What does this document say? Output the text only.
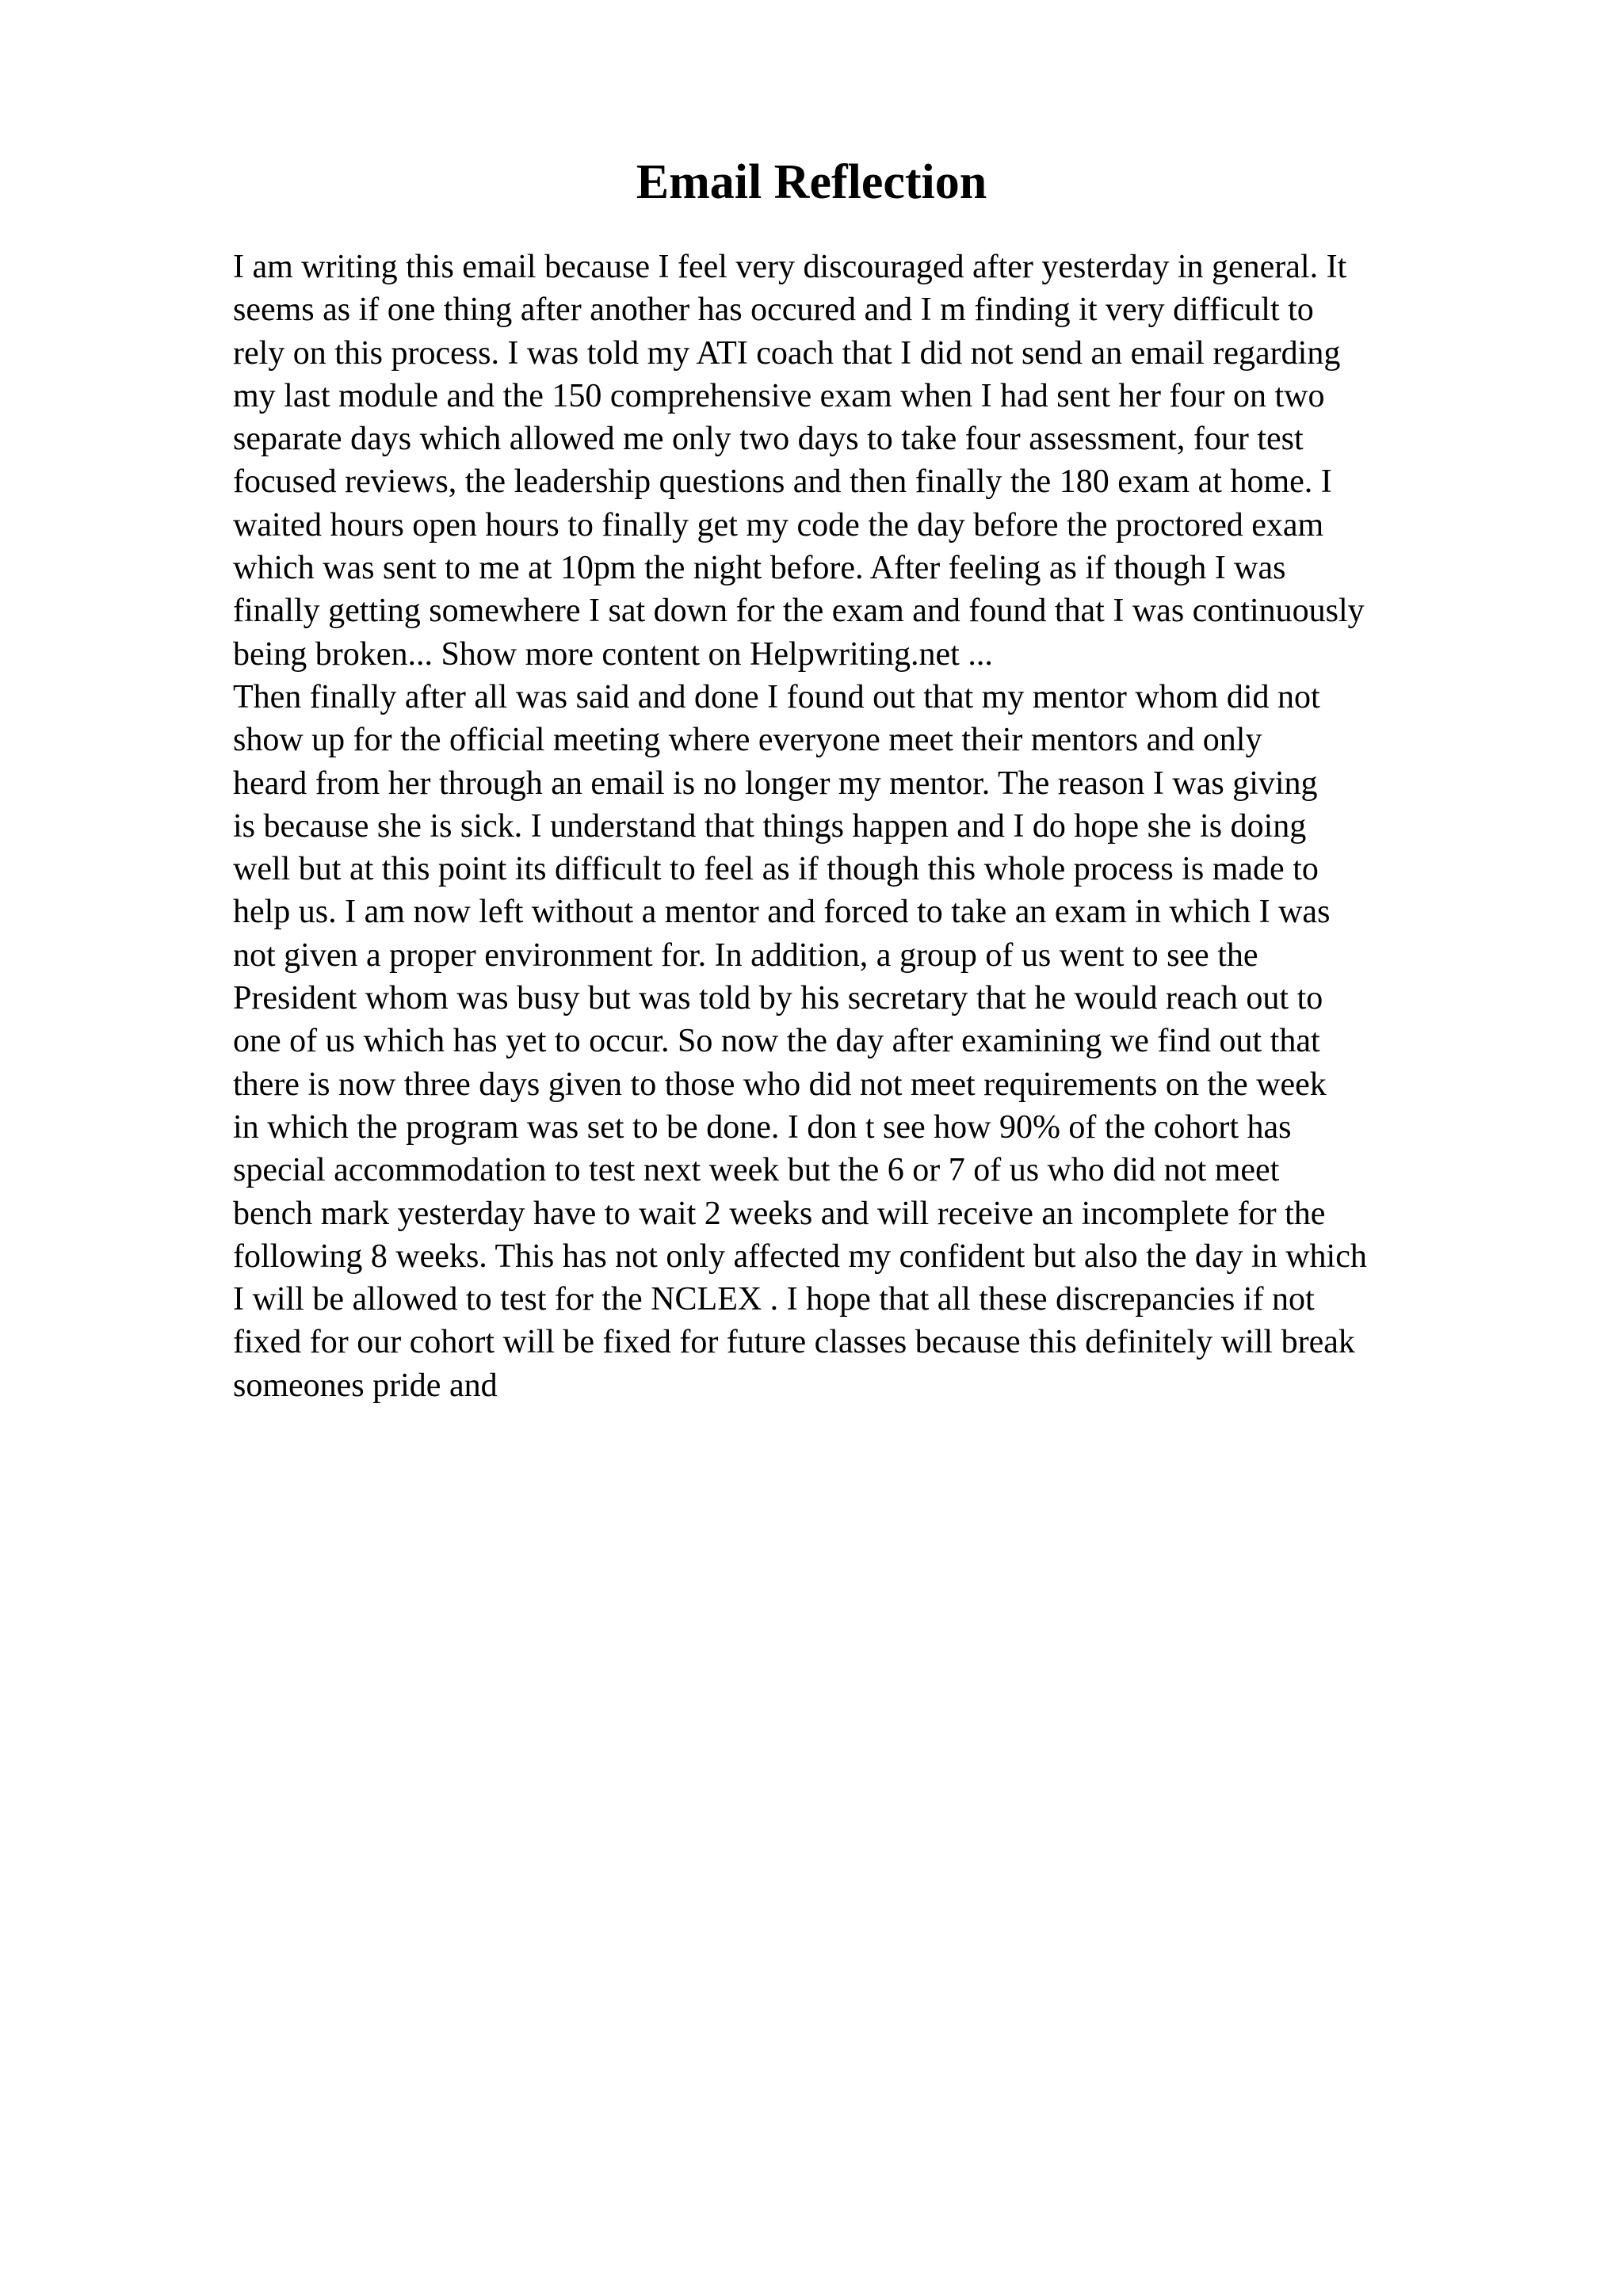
Email Reflection
I am writing this email because I feel very discouraged after yesterday in general. It
seems as if one thing after another has occured and I m finding it very difficult to
rely on this process. I was told my ATI coach that I did not send an email regarding
my last module and the 150 comprehensive exam when I had sent her four on two
separate days which allowed me only two days to take four assessment, four test
focused reviews, the leadership questions and then finally the 180 exam at home. I
waited hours open hours to finally get my code the day before the proctored exam
which was sent to me at 10pm the night before. After feeling as if though I was
finally getting somewhere I sat down for the exam and found that I was continuously
being broken... Show more content on Helpwriting.net ...
Then finally after all was said and done I found out that my mentor whom did not
show up for the official meeting where everyone meet their mentors and only
heard from her through an email is no longer my mentor. The reason I was giving
is because she is sick. I understand that things happen and I do hope she is doing
well but at this point its difficult to feel as if though this whole process is made to
help us. I am now left without a mentor and forced to take an exam in which I was
not given a proper environment for. In addition, a group of us went to see the
President whom was busy but was told by his secretary that he would reach out to
one of us which has yet to occur. So now the day after examining we find out that
there is now three days given to those who did not meet requirements on the week
in which the program was set to be done. I don t see how 90% of the cohort has
special accommodation to test next week but the 6 or 7 of us who did not meet
bench mark yesterday have to wait 2 weeks and will receive an incomplete for the
following 8 weeks. This has not only affected my confident but also the day in which
I will be allowed to test for the NCLEX . I hope that all these discrepancies if not
fixed for our cohort will be fixed for future classes because this definitely will break
someones pride and
